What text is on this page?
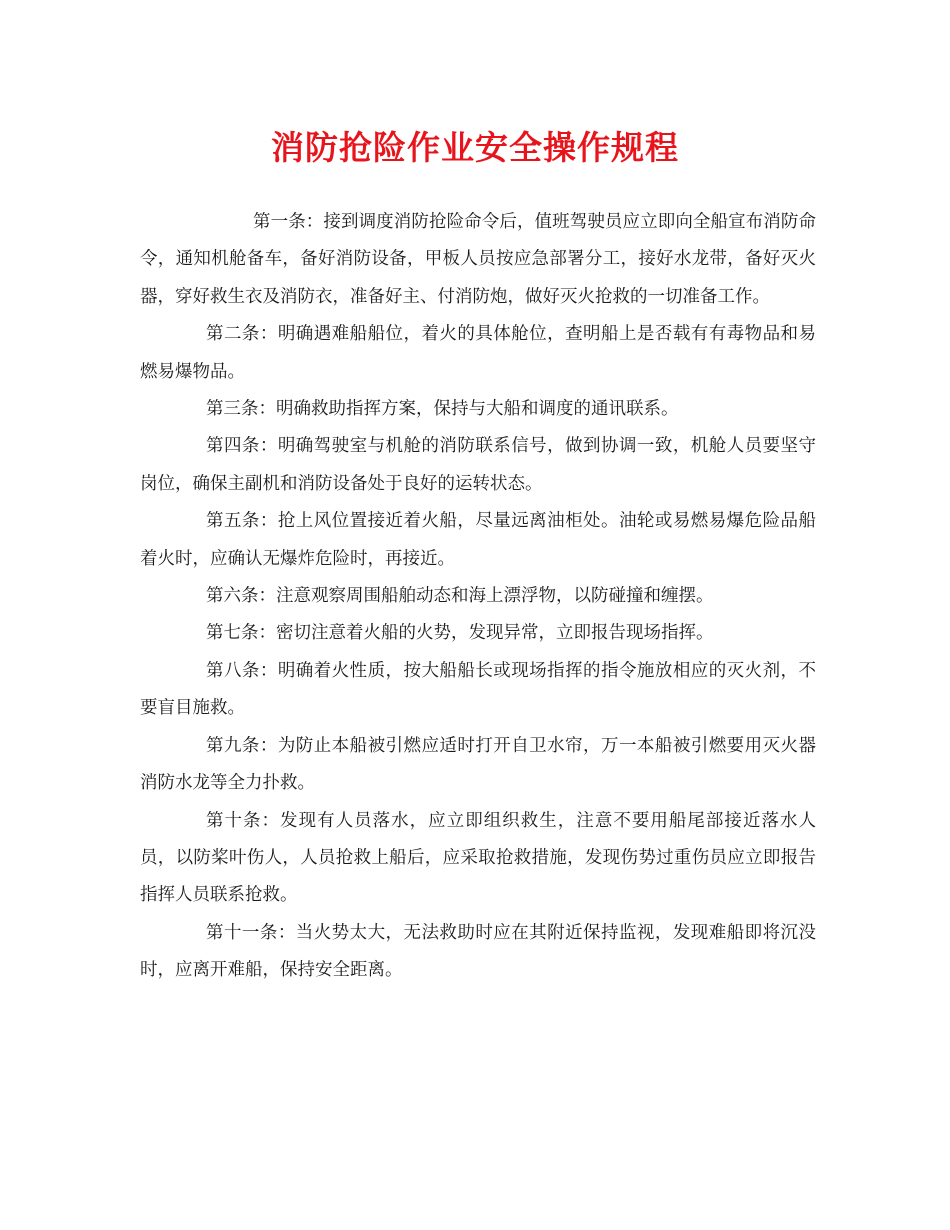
消防抢险作业安全操作规程

第一条：接到调度消防抢险命令后，值班驾驶员应立即向全船宣布消防命令，通知机舱备车，备好消防设备，甲板人员按应急部署分工，接好水龙带，备好灭火器，穿好救生衣及消防衣，准备好主、付消防炮，做好灭火抢救的一切准备工作。

第二条：明确遇难船船位，着火的具体舱位，查明船上是否载有有毒物品和易燃易爆物品。

第三条：明确救助指挥方案，保持与大船和调度的通讯联系。

第四条：明确驾驶室与机舱的消防联系信号，做到协调一致，机舱人员要坚守岗位，确保主副机和消防设备处于良好的运转状态。

第五条：抢上风位置接近着火船，尽量远离油柜处。油轮或易燃易爆危险品船着火时，应确认无爆炸危险时，再接近。

第六条：注意观察周围船舶动态和海上漂浮物，以防碰撞和缠摆。

第七条：密切注意着火船的火势，发现异常，立即报告现场指挥。

第八条：明确着火性质，按大船船长或现场指挥的指令施放相应的灭火剂，不要盲目施救。

第九条：为防止本船被引燃应适时打开自卫水帘，万一本船被引燃要用灭火器消防水龙等全力扑救。

第十条：发现有人员落水，应立即组织救生，注意不要用船尾部接近落水人员，以防桨叶伤人，人员抢救上船后，应采取抢救措施，发现伤势过重伤员应立即报告指挥人员联系抢救。

第十一条：当火势太大，无法救助时应在其附近保持监视，发现难船即将沉没时，应离开难船，保持安全距离。
